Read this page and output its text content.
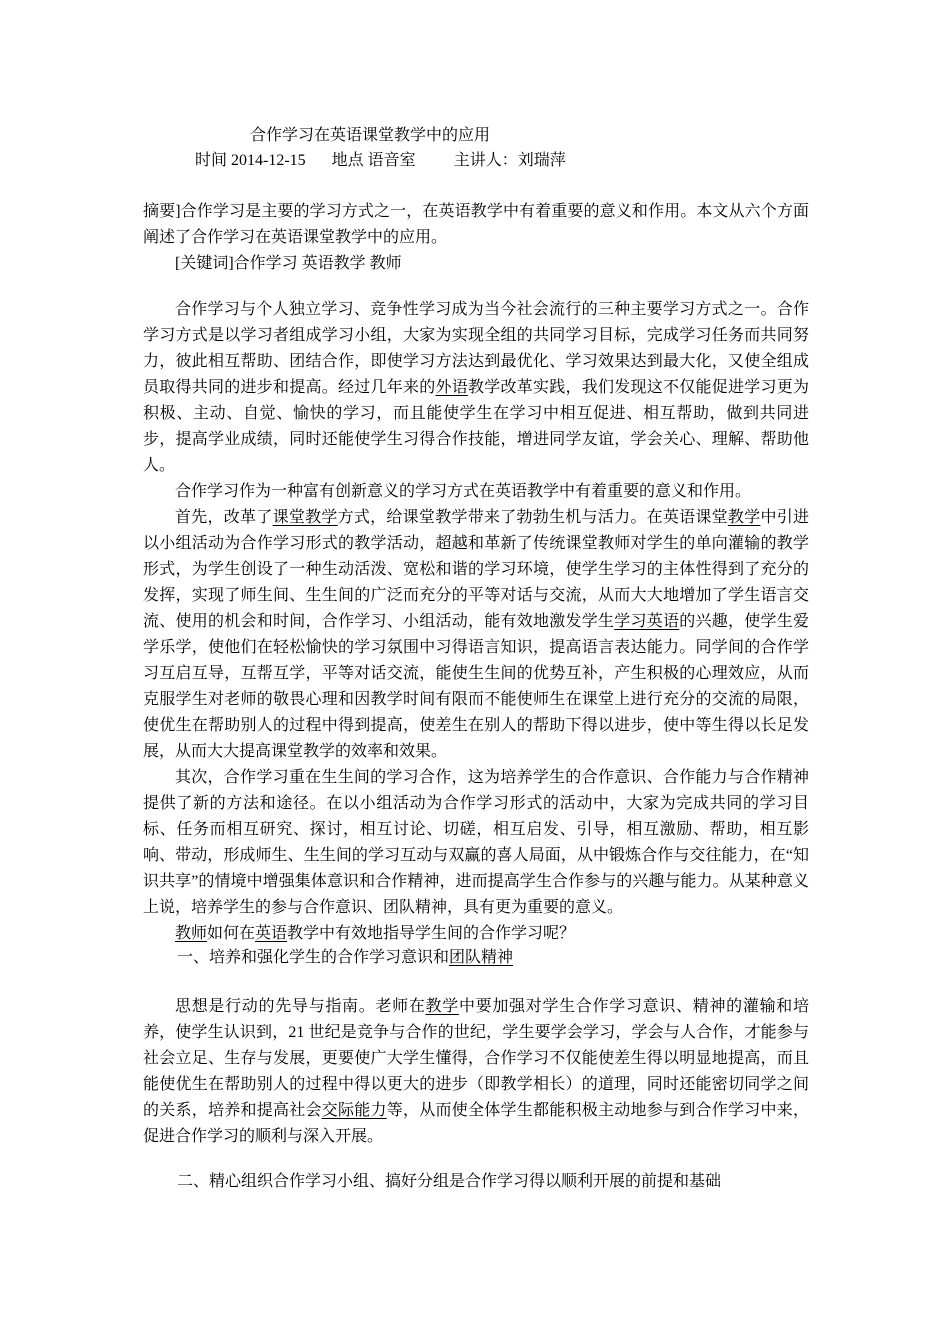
合作学习在英语课堂教学中的应用
时间 2014-12-15 地点 语音室 主讲人：刘瑞萍

摘要]合作学习是主要的学习方式之一，在英语教学中有着重要的意义和作用。本文从六个方面阐述了合作学习在英语课堂教学中的应用。

[关键词]合作学习 英语教学 教师

合作学习与个人独立学习、竞争性学习成为当今社会流行的三种主要学习方式之一。合作学习方式是以学习者组成学习小组，大家为实现全组的共同学习目标，完成学习任务而共同努力，彼此相互帮助、团结合作，即使学习方法达到最优化、学习效果达到最大化，又使全组成员取得共同的进步和提高。经过几年来的外语教学改革实践，我们发现这不仅能促进学习更为积极、主动、自觉、愉快的学习，而且能使学生在学习中相互促进、相互帮助，做到共同进步，提高学业成绩，同时还能使学生习得合作技能，增进同学友谊，学会关心、理解、帮助他人。

合作学习作为一种富有创新意义的学习方式在英语教学中有着重要的意义和作用。

首先，改革了课堂教学方式，给课堂教学带来了勃勃生机与活力。在英语课堂教学中引进以小组活动为合作学习形式的教学活动，超越和革新了传统课堂教师对学生的单向灌输的教学形式，为学生创设了一种生动活泼、宽松和谐的学习环境，使学生学习的主体性得到了充分的发挥，实现了师生间、生生间的广泛而充分的平等对话与交流，从而大大地增加了学生语言交流、使用的机会和时间，合作学习、小组活动，能有效地激发学生学习英语的兴趣，使学生爱学乐学，使他们在轻松愉快的学习氛围中习得语言知识，提高语言表达能力。同学间的合作学习互启互导，互帮互学，平等对话交流，能使生生间的优势互补，产生积极的心理效应，从而克服学生对老师的敬畏心理和因教学时间有限而不能使师生在课堂上进行充分的交流的局限，使优生在帮助别人的过程中得到提高，使差生在别人的帮助下得以进步，使中等生得以长足发展，从而大大提高课堂教学的效率和效果。

其次，合作学习重在生生间的学习合作，这为培养学生的合作意识、合作能力与合作精神提供了新的方法和途径。在以小组活动为合作学习形式的活动中，大家为完成共同的学习目标、任务而相互研究、探讨，相互讨论、切磋，相互启发、引导，相互激励、帮助，相互影响、带动，形成师生、生生间的学习互动与双赢的喜人局面，从中锻炼合作与交往能力，在“知识共享”的情境中增强集体意识和合作精神，进而提高学生合作参与的兴趣与能力。从某种意义上说，培养学生的参与合作意识、团队精神，具有更为重要的意义。

教师如何在英语教学中有效地指导学生间的合作学习呢？

一、培养和强化学生的合作学习意识和团队精神

思想是行动的先导与指南。老师在教学中要加强对学生合作学习意识、精神的灌输和培养，使学生认识到，21 世纪是竞争与合作的世纪，学生要学会学习，学会与人合作，才能参与社会立足、生存与发展，更要使广大学生懂得，合作学习不仅能使差生得以明显地提高，而且能使优生在帮助别人的过程中得以更大的进步（即教学相长）的道理，同时还能密切同学之间的关系，培养和提高社会交际能力等，从而使全体学生都能积极主动地参与到合作学习中来，促进合作学习的顺利与深入开展。

二、精心组织合作学习小组、搞好分组是合作学习得以顺利开展的前提和基础
